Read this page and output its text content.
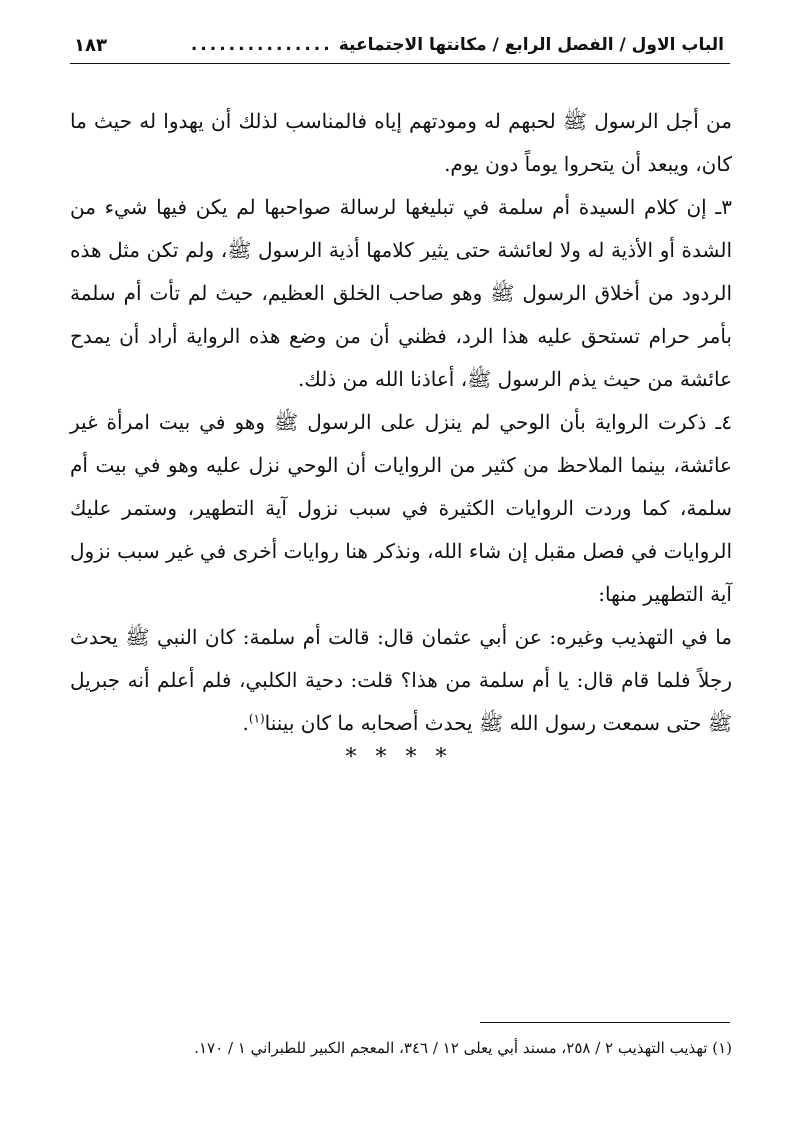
الباب الاول / الفصل الرابع / مكانتها الاجتماعية
...............
١٨٣

من أجل الرسول ﷺ لحبهم له ومودتهم إياه فالمناسب لذلك أن يهدوا له حيث ما كان، ويبعد أن يتحروا يوماً دون يوم.

٣ـ إن كلام السيدة أم سلمة في تبليغها لرسالة صواحبها لم يكن فيها شيء من الشدة أو الأذية له ولا لعائشة حتى يثير كلامها أذية الرسول ﷺ، ولم تكن مثل هذه الردود من أخلاق الرسول ﷺ وهو صاحب الخلق العظيم، حيث لم تأت أم سلمة بأمر حرام تستحق عليه هذا الرد، فظني أن من وضع هذه الرواية أراد أن يمدح عائشة من حيث يذم الرسول ﷺ، أعاذنا الله من ذلك.

٤ـ ذكرت الرواية بأن الوحي لم ينزل على الرسول ﷺ وهو في بيت امرأة غير عائشة، بينما الملاحظ من كثير من الروايات أن الوحي نزل عليه وهو في بيت أم سلمة، كما وردت الروايات الكثيرة في سبب نزول آية التطهير، وستمر عليك الروايات في فصل مقبل إن شاء الله، ونذكر هنا روايات أخرى في غير سبب نزول آية التطهير منها:

ما في التهذيب وغيره: عن أبي عثمان قال: قالت أم سلمة: كان النبي ﷺ يحدث رجلاً فلما قام قال: يا أم سلمة من هذا؟ قلت: دحية الكلبي، فلم أعلم أنه جبريل ﷺ حتى سمعت رسول الله ﷺ يحدث أصحابه ما كان بيننا$^{(١)}$.

* * * *
(١) تهذيب التهذيب ٢ / ٢٥٨، مسند أبي يعلى ١٢ / ٣٤٦، المعجم الكبير للطبراني ١ / ١٧٠.
